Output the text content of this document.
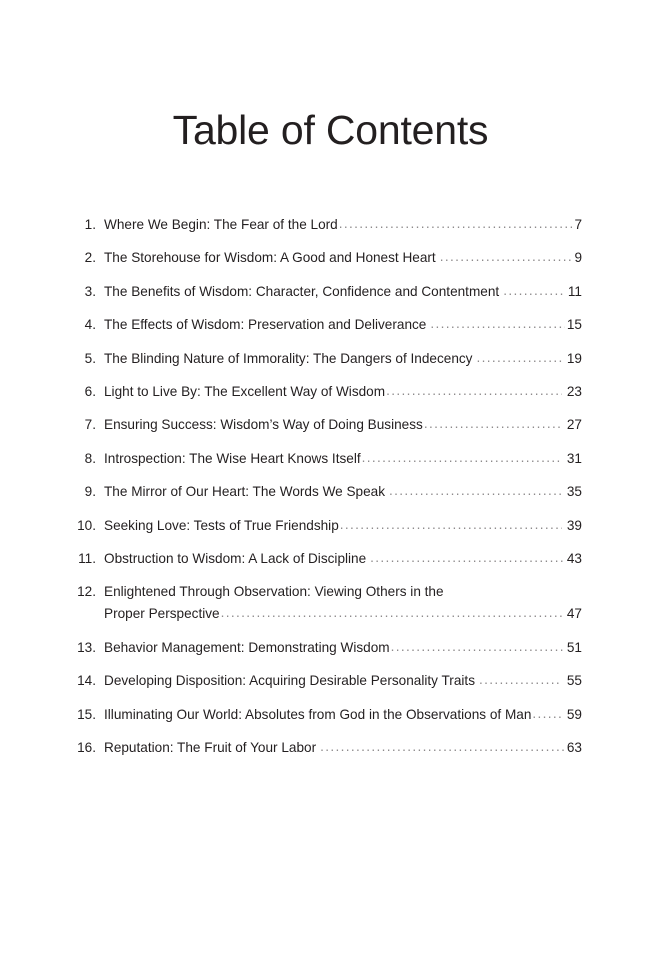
Table of Contents
1. Where We Begin: The Fear of the Lord .....	7
2. The Storehouse for Wisdom: A Good and Honest Heart .....	9
3. The Benefits of Wisdom: Character, Confidence and Contentment .....	11
4. The Effects of Wisdom: Preservation and Deliverance .....	15
5. The Blinding Nature of Immorality: The Dangers of Indecency .....	19
6. Light to Live By: The Excellent Way of Wisdom .....	23
7. Ensuring Success: Wisdom’s Way of Doing Business .....	27
8. Introspection: The Wise Heart Knows Itself .....	31
9. The Mirror of Our Heart: The Words We Speak .....	35
10. Seeking Love: Tests of True Friendship .....	39
11. Obstruction to Wisdom: A Lack of Discipline .....	43
12. Enlightened Through Observation: Viewing Others in the
Proper Perspective .....	47
13. Behavior Management: Demonstrating Wisdom .....	51
14. Developing Disposition: Acquiring Desirable Personality Traits .....	55
15. Illuminating Our World: Absolutes from God in the Observations of Man .....	59
16. Reputation: The Fruit of Your Labor .....	63
